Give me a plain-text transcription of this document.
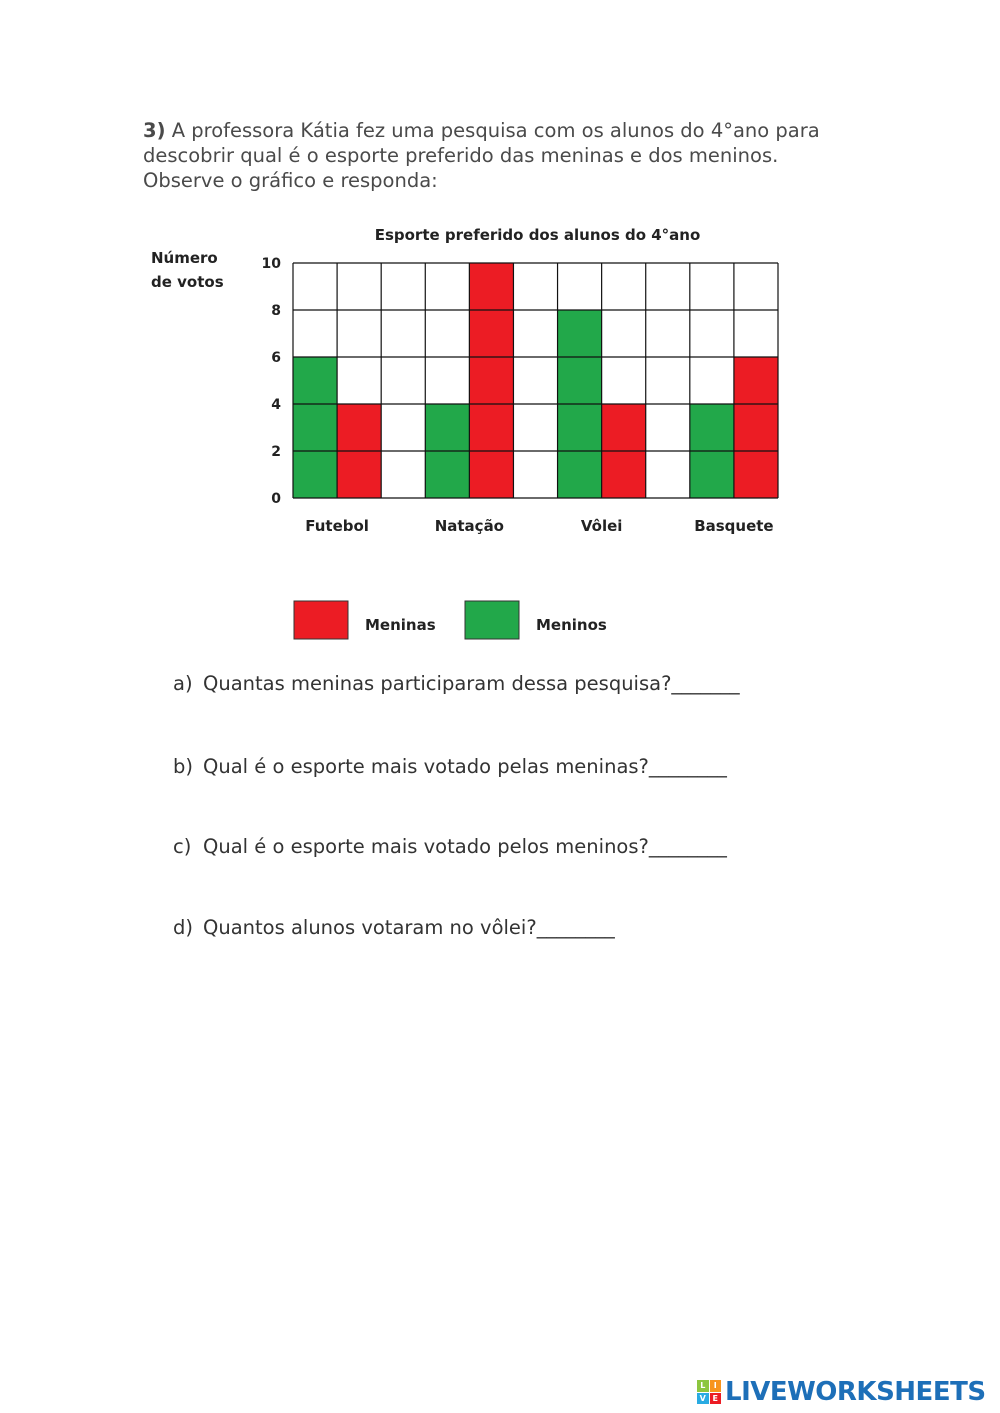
3) A professora Kátia fez uma pesquisa com os alunos do 4°ano para
descobrir qual é o esporte preferido das meninas e dos meninos.
Observe o gráfico e responda:
Esporte preferido dos alunos do 4°ano
Número
de votos
0
2
4
6
8
10
Futebol	Natação	Vôlei	Basquete
Meninas	Meninos
a) Quantas meninas participaram dessa pesquisa?_______
b) Qual é o esporte mais votado pelas meninas?________
c) Qual é o esporte mais votado pelos meninos?________
d) Quantos alunos votaram no vôlei?________
L	I
V E LIVEWORKSHEETS
